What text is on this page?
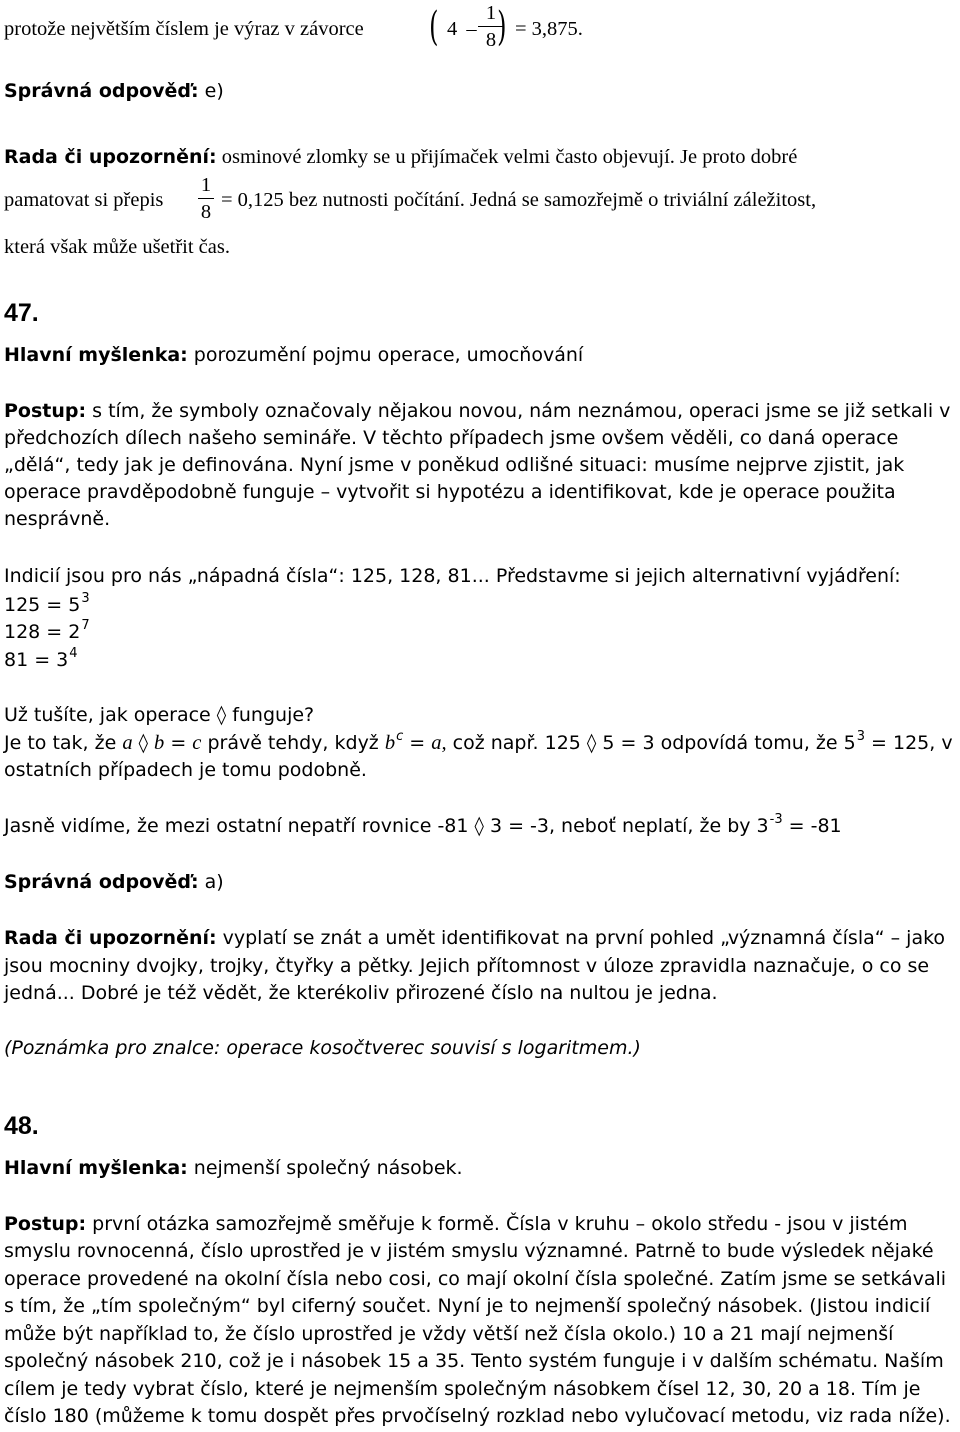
protože největším číslem je výraz v závorce ( 4 –
1
8 ) = 3,875.
Správná odpověď: e)
Rada či upozornění: osminové zlomky se u přijímaček velmi často objevují. Je proto dobré
pamatovat si přepis
1
8
= 0,125 bez nutnosti počítání. Jedná se samozřejmě o triviální záležitost,
která však může ušetřit čas.
47.
Hlavní myšlenka: porozumění pojmu operace, umocňování
Postup: s tím, že symboly označovaly nějakou novou, nám neznámou, operaci jsme se již setkali v
předchozích dílech našeho semináře. V těchto případech jsme ovšem věděli, co daná operace
„dělá“, tedy jak je definována. Nyní jsme v poněkud odlišné situaci: musíme nejprve zjistit, jak
operace pravděpodobně funguje – vytvořit si hypotézu a identifikovat, kde je operace použita
nesprávně.
Indicií jsou pro nás „nápadná čísla“: 125, 128, 81... Představme si jejich alternativní vyjádření:
$125 = 5^3$
$128 = 2^7$
$81 = 3^4$
Už tušíte, jak operace ◊ funguje?
Je to tak, že a ◊ b = c právě tehdy, když $b^c = a$, což např. 125 ◊ 5 = 3 odpovídá tomu, že $5^3 = 125$, v
ostatních případech je tomu podobně.
Jasně vidíme, že mezi ostatní nepatří rovnice -81 ◊ 3 = -3, neboť neplatí, že by $3^{-3} = -81$
Správná odpověď: a)
Rada či upozornění: vyplatí se znát a umět identifikovat na první pohled „významná čísla“ – jako
jsou mocniny dvojky, trojky, čtyřky a pětky. Jejich přítomnost v úloze zpravidla naznačuje, o co se
jedná... Dobré je též vědět, že kterékoliv přirozené číslo na nultou je jedna.
(Poznámka pro znalce: operace kosočtverec souvisí s logaritmem.)
48.
Hlavní myšlenka: nejmenší společný násobek.
Postup: první otázka samozřejmě směřuje k formě. Čísla v kruhu – okolo středu - jsou v jistém
smyslu rovnocenná, číslo uprostřed je v jistém smyslu významné. Patrně to bude výsledek nějaké
operace provedené na okolní čísla nebo cosi, co mají okolní čísla společné. Zatím jsme se setkávali
s tím, že „tím společným“ byl ciferný součet. Nyní je to nejmenší společný násobek. (Jistou indicií
může být například to, že číslo uprostřed je vždy větší než čísla okolo.) 10 a 21 mají nejmenší
společný násobek 210, což je i násobek 15 a 35. Tento systém funguje i v dalším schématu. Naším
cílem je tedy vybrat číslo, které je nejmenším společným násobkem čísel 12, 30, 20 a 18. Tím je
číslo 180 (můžeme k tomu dospět přes prvočíselný rozklad nebo vylučovací metodu, viz rada níže).
